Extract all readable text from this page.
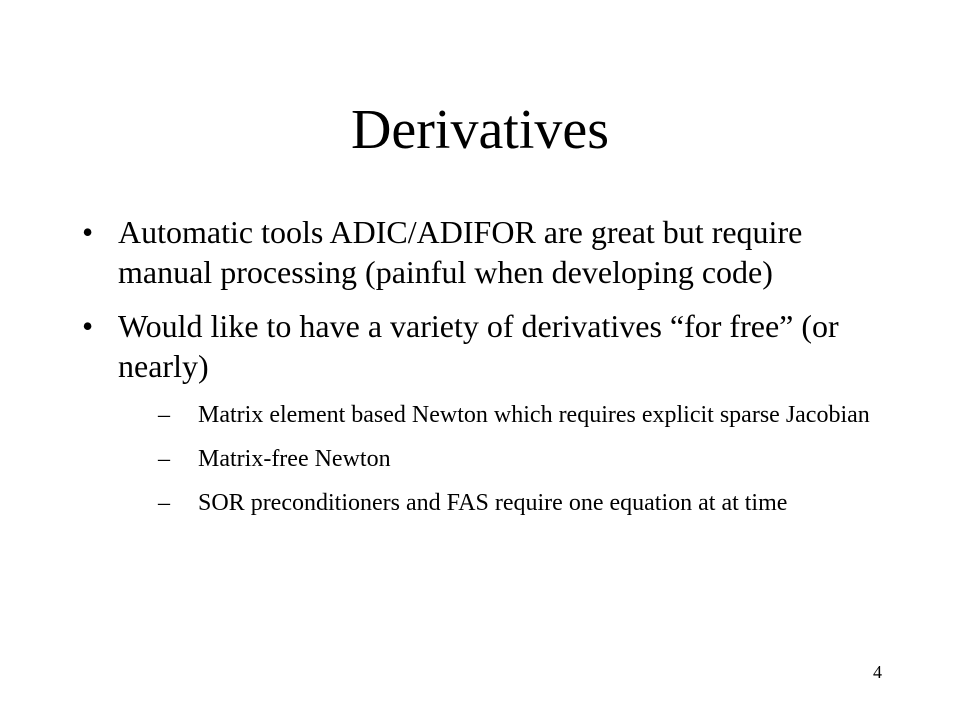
Derivatives
• Automatic tools ADIC/ADIFOR are great but require manual processing (painful when developing code)
• Would like to have a variety of derivatives “for free” (or nearly)
– Matrix element based Newton which requires explicit sparse Jacobian
– Matrix-free Newton
– SOR preconditioners and FAS require one equation at at time
4
